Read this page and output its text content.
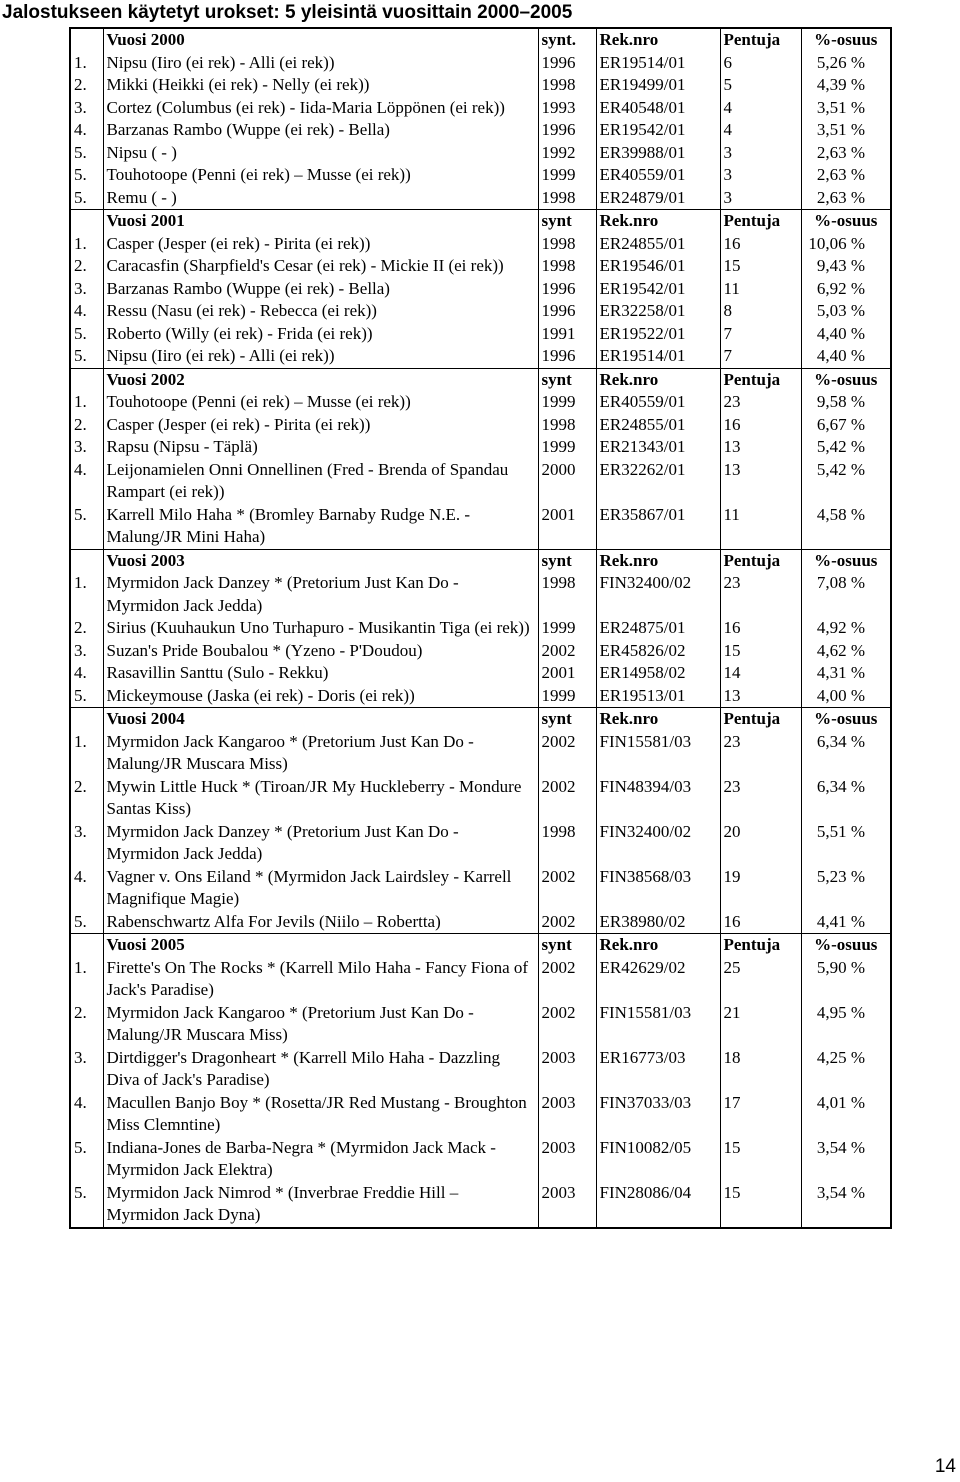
Jalostukseen käytetyt urokset: 5 yleisintä vuosittain 2000–2005
	Vuosi 2000	synt.	Rek.nro	Pentuja	%-osuus
1.	Nipsu (Iiro (ei rek) - Alli (ei rek))	1996	ER19514/01	6	5,26 %
2.	Mikki (Heikki (ei rek) - Nelly (ei rek))	1998	ER19499/01	5	4,39 %
3.	Cortez (Columbus (ei rek) - Iida-Maria Löppönen (ei rek))	1993	ER40548/01	4	3,51 %
4.	Barzanas Rambo (Wuppe (ei rek) - Bella)	1996	ER19542/01	4	3,51 %
5.	Nipsu ( - )	1992	ER39988/01	3	2,63 %
5.	Touhotoope (Penni (ei rek) – Musse (ei rek))	1999	ER40559/01	3	2,63 %
5.	Remu ( - )	1998	ER24879/01	3	2,63 %
	Vuosi 2001	synt	Rek.nro	Pentuja	%-osuus
1.	Casper (Jesper (ei rek) - Pirita (ei rek))	1998	ER24855/01	16	10,06 %
2.	Caracasfin (Sharpfield's Cesar (ei rek) - Mickie II (ei rek))	1998	ER19546/01	15	9,43 %
3.	Barzanas Rambo (Wuppe (ei rek) - Bella)	1996	ER19542/01	11	6,92 %
4.	Ressu (Nasu (ei rek) - Rebecca (ei rek))	1996	ER32258/01	8	5,03 %
5.	Roberto (Willy (ei rek) - Frida (ei rek))	1991	ER19522/01	7	4,40 %
5.	Nipsu (Iiro (ei rek) - Alli (ei rek))	1996	ER19514/01	7	4,40 %
	Vuosi 2002	synt	Rek.nro	Pentuja	%-osuus
1.	Touhotoope (Penni (ei rek) – Musse (ei rek))	1999	ER40559/01	23	9,58 %
2.	Casper (Jesper (ei rek) - Pirita (ei rek))	1998	ER24855/01	16	6,67 %
3.	Rapsu (Nipsu - Täplä)	1999	ER21343/01	13	5,42 %
4.	Leijonamielen Onni Onnellinen (Fred - Brenda of Spandau Rampart (ei rek))	2000	ER32262/01	13	5,42 %
5.	Karrell Milo Haha * (Bromley Barnaby Rudge N.E. - Malung/JR Mini Haha)	2001	ER35867/01	11	4,58 %
	Vuosi 2003	synt	Rek.nro	Pentuja	%-osuus
1.	Myrmidon Jack Danzey * (Pretorium Just Kan Do - Myrmidon Jack Jedda)	1998	FIN32400/02	23	7,08 %
2.	Sirius (Kuuhaukun Uno Turhapuro - Musikantin Tiga (ei rek))	1999	ER24875/01	16	4,92 %
3.	Suzan's Pride Boubalou * (Yzeno - P'Doudou)	2002	ER45826/02	15	4,62 %
4.	Rasavillin Santtu (Sulo - Rekku)	2001	ER14958/02	14	4,31 %
5.	Mickeymouse (Jaska (ei rek) - Doris (ei rek))	1999	ER19513/01	13	4,00 %
	Vuosi 2004	synt	Rek.nro	Pentuja	%-osuus
1.	Myrmidon Jack Kangaroo * (Pretorium Just Kan Do - Malung/JR Muscara Miss)	2002	FIN15581/03	23	6,34 %
2.	Mywin Little Huck * (Tiroan/JR My Huckleberry - Mondure Santas Kiss)	2002	FIN48394/03	23	6,34 %
3.	Myrmidon Jack Danzey * (Pretorium Just Kan Do - Myrmidon Jack Jedda)	1998	FIN32400/02	20	5,51 %
4.	Vagner v. Ons Eiland * (Myrmidon Jack Lairdsley - Karrell Magnifique Magie)	2002	FIN38568/03	19	5,23 %
5.	Rabenschwartz Alfa For Jevils (Niilo – Robertta)	2002	ER38980/02	16	4,41 %
	Vuosi 2005	synt	Rek.nro	Pentuja	%-osuus
1.	Firette's On The Rocks * (Karrell Milo Haha - Fancy Fiona of Jack's Paradise)	2002	ER42629/02	25	5,90 %
2.	Myrmidon Jack Kangaroo * (Pretorium Just Kan Do - Malung/JR Muscara Miss)	2002	FIN15581/03	21	4,95 %
3.	Dirtdigger's Dragonheart * (Karrell Milo Haha - Dazzling Diva of Jack's Paradise)	2003	ER16773/03	18	4,25 %
4.	Macullen Banjo Boy * (Rosetta/JR Red Mustang - Broughton Miss Clemntine)	2003	FIN37033/03	17	4,01 %
5.	Indiana-Jones de Barba-Negra * (Myrmidon Jack Mack - Myrmidon Jack Elektra)	2003	FIN10082/05	15	3,54 %
5.	Myrmidon Jack Nimrod * (Inverbrae Freddie Hill – Myrmidon Jack Dyna)	2003	FIN28086/04	15	3,54 %
14
